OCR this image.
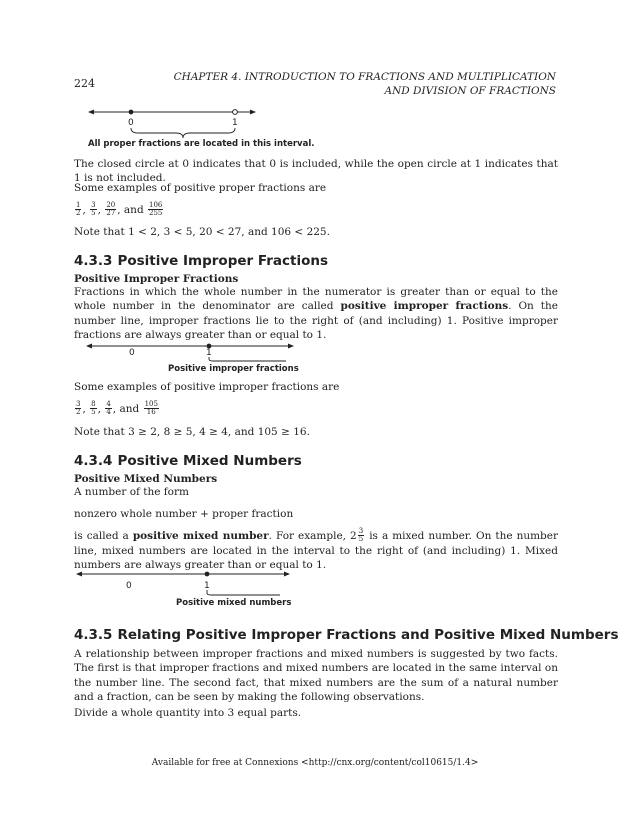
224	CHAPTER 4. INTRODUCTION TO FRACTIONS AND MULTIPLICATION
AND DIVISION OF FRACTIONS
0	1
All proper fractions are located in this interval.

The closed circle at 0 indicates that 0 is included, while the open circle at 1 indicates that 1 is not included.

Some examples of positive proper fractions are

$\frac{1}{2}$ , $\frac{3}{5}$ , $\frac{20}{27}$ , and $\frac{106}{255}$

Note that 1 < 2, 3 < 5, 20 < 27, and 106 < 225.

4.3.3 Positive Improper Fractions

Positive Improper Fractions

Fractions in which the whole number in the numerator is greater than or equal to the whole number in the denominator are called positive improper fractions. On the number line, improper fractions lie to the right of (and including) 1. Positive improper fractions are always greater than or equal to 1.

0	1
Positive improper fractions

Some examples of positive improper fractions are

$\frac{3}{2}$ , $\frac{8}{5}$ , $\frac{4}{4}$ , and $\frac{105}{16}$

Note that 3 ≥ 2, 8 ≥ 5, 4 ≥ 4, and 105 ≥ 16.

4.3.4 Positive Mixed Numbers

Positive Mixed Numbers

A number of the form

nonzero whole number + proper fraction

is called a positive mixed number. For example, $2 \frac{3}{5}$ is a mixed number. On the number line, mixed numbers are located in the interval to the right of (and including) 1. Mixed numbers are always greater than or equal to 1.

0	1
Positive mixed numbers
4.3.5 Relating Positive Improper Fractions and Positive Mixed Numbers

A relationship between improper fractions and mixed numbers is suggested by two facts. The first is that improper fractions and mixed numbers are located in the same interval on the number line. The second fact, that mixed numbers are the sum of a natural number and a fraction, can be seen by making the following observations.

Divide a whole quantity into 3 equal parts.

Available for free at Connexions <http://cnx.org/content/col10615/1.4>
